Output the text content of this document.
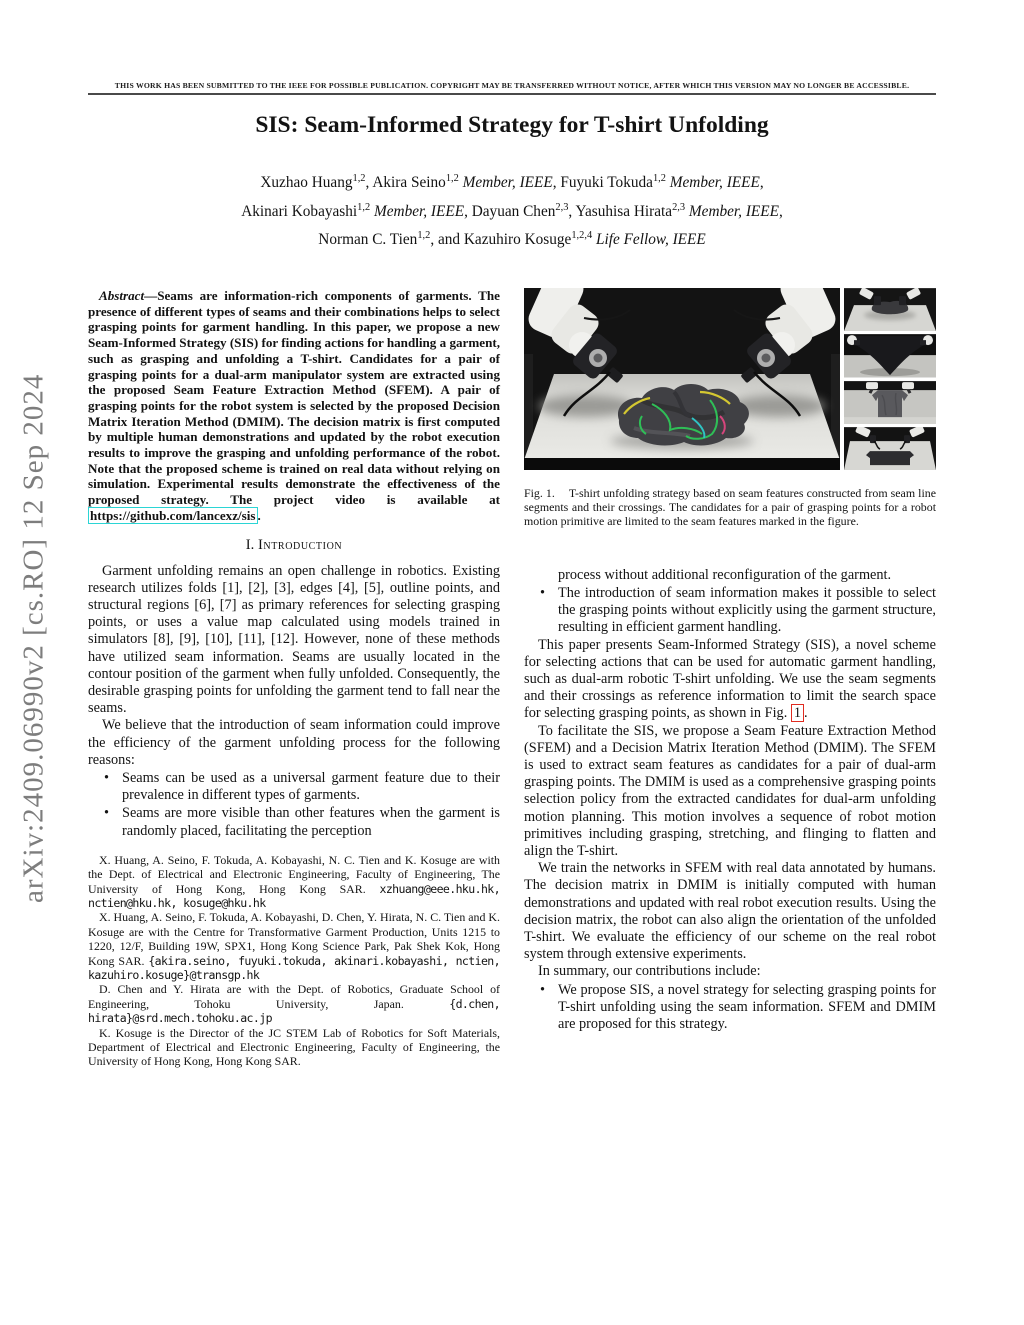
THIS WORK HAS BEEN SUBMITTED TO THE IEEE FOR POSSIBLE PUBLICATION. COPYRIGHT MAY BE TRANSFERRED WITHOUT NOTICE, AFTER WHICH THIS VERSION MAY NO LONGER BE ACCESSIBLE.
SIS: Seam-Informed Strategy for T-shirt Unfolding
Xuzhao Huang$^{1,2}$, Akira Seino$^{1,2}$ Member, IEEE, Fuyuki Tokuda$^{1,2}$ Member, IEEE,
Akinari Kobayashi$^{1,2}$ Member, IEEE, Dayuan Chen$^{2,3}$, Yasuhisa Hirata$^{2,3}$ Member, IEEE,
Norman C. Tien$^{1,2}$, and Kazuhiro Kosuge$^{1,2,4}$ Life Fellow, IEEE
arXiv:2409.06990v2 [cs.RO] 12 Sep 2024
Abstract—Seams are information-rich components of garments. The presence of different types of seams and their combinations helps to select grasping points for garment handling. In this paper, we propose a new Seam-Informed Strategy (SIS) for finding actions for handling a garment, such as grasping and unfolding a T-shirt. Candidates for a pair of grasping points for a dual-arm manipulator system are extracted using the proposed Seam Feature Extraction Method (SFEM). A pair of grasping points for the robot system is selected by the proposed Decision Matrix Iteration Method (DMIM). The decision matrix is first computed by multiple human demonstrations and updated by the robot execution results to improve the grasping and unfolding performance of the robot. Note that the proposed scheme is trained on real data without relying on simulation. Experimental results demonstrate the effectiveness of the proposed strategy. The project video is available at https://github.com/lancexz/sis .
I. Introduction

Garment unfolding remains an open challenge in robotics. Existing research utilizes folds [1], [2], [3], edges [4], [5], outline points, and structural regions [6], [7] as primary references for selecting grasping points, or uses a value map calculated using models trained in simulators [8], [9], [10], [11], [12]. However, none of these methods have utilized seam information. Seams are usually located in the contour position of the garment when fully unfolded. Consequently, the desirable grasping points for unfolding the garment tend to fall near the seams.

We believe that the introduction of seam information could improve the efficiency of the garment unfolding process for the following reasons:

• Seams can be used as a universal garment feature due to their prevalence in different types of garments.
• Seams are more visible than other features when the garment is randomly placed, facilitating the perception

X. Huang, A. Seino, F. Tokuda, A. Kobayashi, N. C. Tien and K. Kosuge are with the Dept. of Electrical and Electronic Engineering, Faculty of Engineering, The University of Hong Kong, Hong Kong SAR. xzhuang@eee.hku.hk, nctien@hku.hk, kosuge@hku.hk

X. Huang, A. Seino, F. Tokuda, A. Kobayashi, D. Chen, Y. Hirata, N. C. Tien and K. Kosuge are with the Centre for Transformative Garment Production, Units 1215 to 1220, 12/F, Building 19W, SPX1, Hong Kong Science Park, Pak Shek Kok, Hong Kong SAR. {akira.seino, fuyuki.tokuda, akinari.kobayashi, nctien, kazuhiro.kosuge}@transgp.hk

D. Chen and Y. Hirata are with the Dept. of Robotics, Graduate School of Engineering, Tohoku University, Japan. {d.chen, hirata}@srd.mech.tohoku.ac.jp

K. Kosuge is the Director of the JC STEM Lab of Robotics for Soft Materials, Department of Electrical and Electronic Engineering, Faculty of Engineering, the University of Hong Kong, Hong Kong SAR.

Fig. 1. T-shirt unfolding strategy based on seam features constructed from seam line segments and their crossings. The candidates for a pair of grasping points for a robot motion primitive are limited to the seam features marked in the figure.
process without additional reconfiguration of the garment.
• The introduction of seam information makes it possible to select the grasping points without explicitly using the garment structure, resulting in efficient garment handling.

This paper presents Seam-Informed Strategy (SIS), a novel scheme for selecting actions that can be used for automatic garment handling, such as dual-arm robotic T-shirt unfolding. We use the seam segments and their crossings as reference information to limit the search space for selecting grasping points, as shown in Fig. 1 .

To facilitate the SIS, we propose a Seam Feature Extraction Method (SFEM) and a Decision Matrix Iteration Method (DMIM). The SFEM is used to extract seam features as candidates for a pair of dual-arm grasping points. The DMIM is used as a comprehensive grasping points selection policy from the extracted candidates for dual-arm unfolding motion planning. This motion involves a sequence of robot motion primitives including grasping, stretching, and flinging to flatten and align the T-shirt.

We train the networks in SFEM with real data annotated by humans. The decision matrix in DMIM is initially computed with human demonstrations and updated with real robot execution results. Using the decision matrix, the robot can also align the orientation of the unfolded T-shirt. We evaluate the efficiency of our scheme on the real robot system through extensive experiments.

In summary, our contributions include:

• We propose SIS, a novel strategy for selecting grasping points for T-shirt unfolding using the seam information. SFEM and DMIM are proposed for this strategy.
